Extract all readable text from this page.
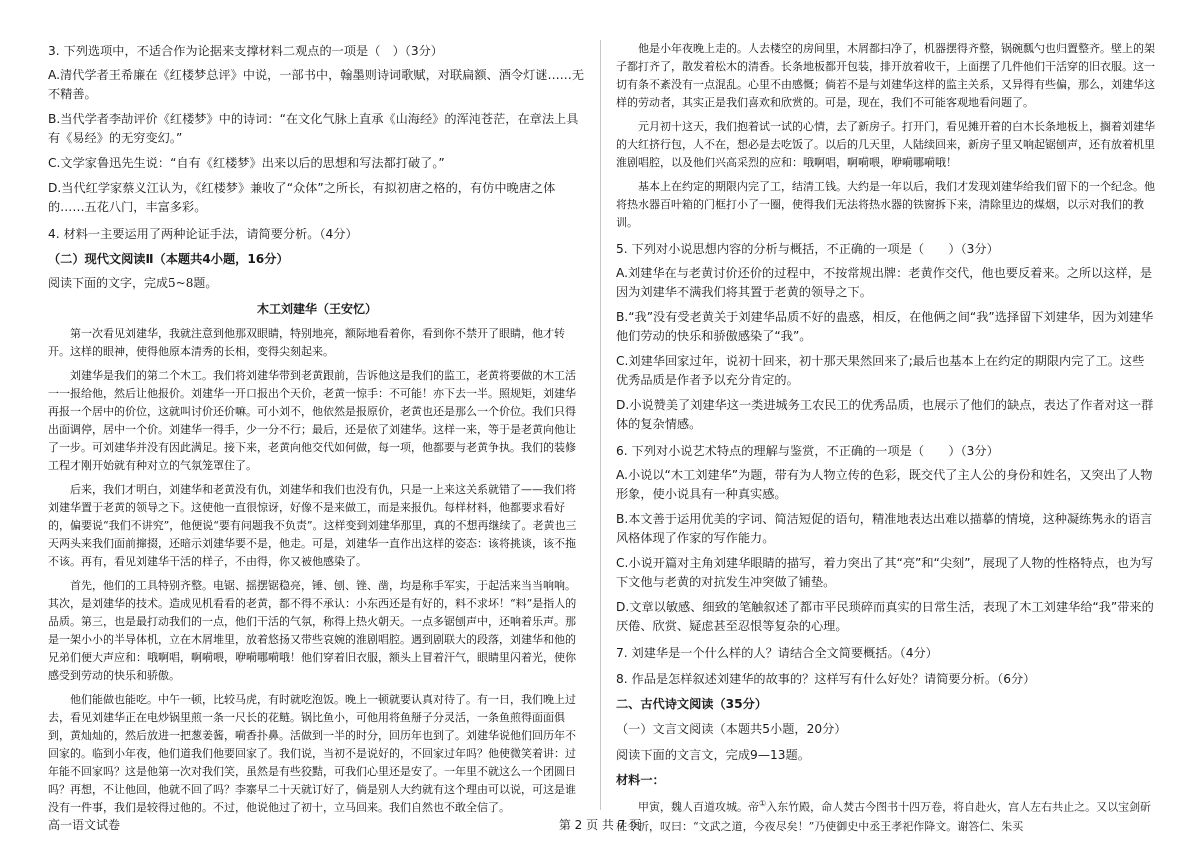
3. 下列选项中，不适合作为论据来支撑材料二观点的一项是（　）（3分）

A.清代学者王希廉在《红楼梦总评》中说，一部书中，翰墨则诗词歌赋，对联扁额、酒令灯谜……无不精善。

B.当代学者李劼评价《红楼梦》中的诗词：“在文化气脉上直承《山海经》的浑沌苍茫，在章法上具有《易经》的无穷变幻。”

C.文学家鲁迅先生说：“自有《红楼梦》出来以后的思想和写法都打破了。”

D.当代红学家蔡义江认为，《红楼梦》兼收了“众体”之所长，有拟初唐之格的，有仿中晚唐之体的……五花八门，丰富多彩。

4. 材料一主要运用了两种论证手法，请简要分析。（4分）

（二）现代文阅读Ⅱ（本题共4小题，16分）

阅读下面的文字，完成5~8题。

木工刘建华（王安忆）

第一次看见刘建华，我就注意到他那双眼睛，特别地亮，额际地看着你，看到你不禁开了眼睛，他才转开。这样的眼神，使得他原本清秀的长相，变得尖刻起来。

刘建华是我们的第二个木工。我们将刘建华带到老黄跟前，告诉他这是我们的监工，老黄将要做的木工活一一报给他，然后让他报价。刘建华一开口报出个天价，老黄一惊手：不可能！亦下去一半。照规矩，刘建华再报一个居中的价位，这就叫讨价还价嘛。可小刘不，他依然是报原价，老黄也还是那么一个价位。我们只得出面调停，居中一个价。刘建华一得手，少一分不行；最后，还是依了刘建华。这样一来，等于是老黄向他让了一步。可刘建华并没有因此满足。接下来，老黄向他交代如何做，每一项，他都要与老黄争执。我们的装修工程才刚开始就有种对立的气氛笼罩住了。

后来，我们才明白，刘建华和老黄没有仇，刘建华和我们也没有仇，只是一上来这关系就错了——我们将刘建华置于老黄的领导之下。这使他一直很惊讶，好像不是来做工，而是来报仇。每样材料，他都要求看好的，偏要说“我们不讲究”，他便说“要有问题我不负责”。这样变到刘建华那里，真的不想再继续了。老黄也三天两头来我们面前撺掇，还暗示刘建华要不是，他走。可是，刘建华一直作出这样的姿态：该将挑谈，该不拖不该。再有，看见刘建华干活的样子，不由得，你又被他感染了。

首先，他们的工具特别齐整。电锯、摇摆锯稳亮，锤、刨、锉、凿，均是称手军实，于起活来当当响响。其次，是刘建华的技术。造成见机看看的老黄，都不得不承认：小东西还是有好的，料不求坏！“料”是指人的品质。第三，也是最打动我们的一点，他们干活的气氛，称得上热火朝天。一点多锯刨声中，还响着乐声。那是一架小小的半导体机，立在木屑堆里，放着悠扬又带些哀婉的淮剧唱腔。遇到剧联大的段落，刘建华和他的兄弟们便大声应和：哦啊唱，啊嗬喂，咿嗬哪嗬哦！他们穿着旧衣服，额头上冒着汗气，眼睛里闪着光，使你感受到劳动的快乐和骄傲。

他们能做也能吃。中午一顿，比较马虎，有时就吃泡饭。晚上一顿就要认真对待了。有一日，我们晚上过去，看见刘建华正在电炒锅里煎一条一尺长的花鲢。锅比鱼小，可他用将鱼掰子分灵活，一条鱼煎得面面俱到，黄灿灿的，然后放进一把葱姜酱，嗬香扑鼻。活做到一半的时分，回历年也到了。刘建华说他们回历年不回家的。临到小年夜，他们道我们他要回家了。我们说，当初不是说好的，不回家过年吗？他使微笑着讲：过年能不回家吗？这是他第一次对我们笑，虽然是有些狡黠，可我们心里还是安了。一年里不就这么一个团圆日吗？再想，不让他回，他就不回了吗？李寨早二十天就订好了，倘是别人大约就有这个理由可以说，可这是谁没有一件事，我们是较得过他的。不过，他说他过了初十，立马回来。我们自然也不敢全信了。

他是小年夜晚上走的。人去楼空的房间里，木屑都扫净了，机器摆得齐整，锅碗瓢勺也归置整齐。壁上的架子都打齐了，散发着松木的清香。长条地板都开包装，排开放着收干，上面摆了几件他们干活穿的旧衣服。这一切有条不紊没有一点混乱。心里不由感慨；倘若不是与刘建华这样的监主关系，又异得有些偏，那么，刘建华这样的劳动者，其实正是我们喜欢和欣赏的。可是，现在，我们不可能客观地看问题了。

元月初十这天，我们抱着试一试的心情，去了新房子。打开门，看见摊开着的白木长条地板上，搁着刘建华的大红挤行包，人不在，想必是去吃饭了。以后的几天里，人陆续回来，新房子里又响起锯刨声，还有放着机里淮剧唱腔，以及他们兴高采烈的应和：哦啊唱，啊嗬喂，咿嗬哪嗬哦！

基本上在约定的期限内完了工，结清工钱。大约是一年以后，我们才发现刘建华给我们留下的一个纪念。他将热水器百叶箱的门框打小了一圈，使得我们无法将热水器的铁窗拆下来，清除里边的煤烟，以示对我们的教训。

5. 下列对小说思想内容的分析与概括，不正确的一项是（　　）（3分）

A.刘建华在与老黄讨价还价的过程中，不按常规出牌：老黄作交代，他也要反着来。之所以这样，是因为刘建华不满我们将其置于老黄的领导之下。

B.“我”没有受老黄关于刘建华品质不好的蛊惑，相反，在他俩之间“我”选择留下刘建华，因为刘建华他们劳动的快乐和骄傲感染了“我”。

C.刘建华回家过年，说初十回来，初十那天果然回来了;最后也基本上在约定的期限内完了工。这些优秀品质是作者予以充分肯定的。

D.小说赞美了刘建华这一类进城务工农民工的优秀品质，也展示了他们的缺点，表达了作者对这一群体的复杂情感。

6. 下列对小说艺术特点的理解与鉴赏，不正确的一项是（　　）（3分）

A.小说以“木工刘建华”为题，带有为人物立传的色彩，既交代了主人公的身份和姓名，又突出了人物形象，使小说具有一种真实感。

B.本文善于运用优美的字词、简洁短促的语句，精准地表达出难以描摹的情境，这种凝练隽永的语言风格体现了作家的写作能力。

C.小说开篇对主角刘建华眼睛的描写，着力突出了其“亮”和“尖刻”，展现了人物的性格特点，也为写下文他与老黄的对抗发生冲突做了铺垫。

D.文章以敏感、细致的笔触叙述了都市平民琐碎而真实的日常生活，表现了木工刘建华给“我”带来的厌倦、欣赏、疑虑甚至忍恨等复杂的心理。

7. 刘建华是一个什么样的人？请结合全文简要概括。（4分）

8. 作品是怎样叙述刘建华的故事的？这样写有什么好处？请简要分析。（6分）

二、古代诗文阅读（35分）

（一）文言文阅读（本题共5小题，20分）

阅读下面的文言文，完成9—13题。

材料一：

甲寅，魏人百道攻城。帝①入东竹殿，命人焚古今图书十四万卷，将自赴火，宫人左右共止之。又以宝剑斫柱令折，叹曰：“文武之道，今夜尽矣！”乃使御史中丞王孝祀作降文。谢答仁、朱买

高一语文试卷	第 2 页 共 7 页
